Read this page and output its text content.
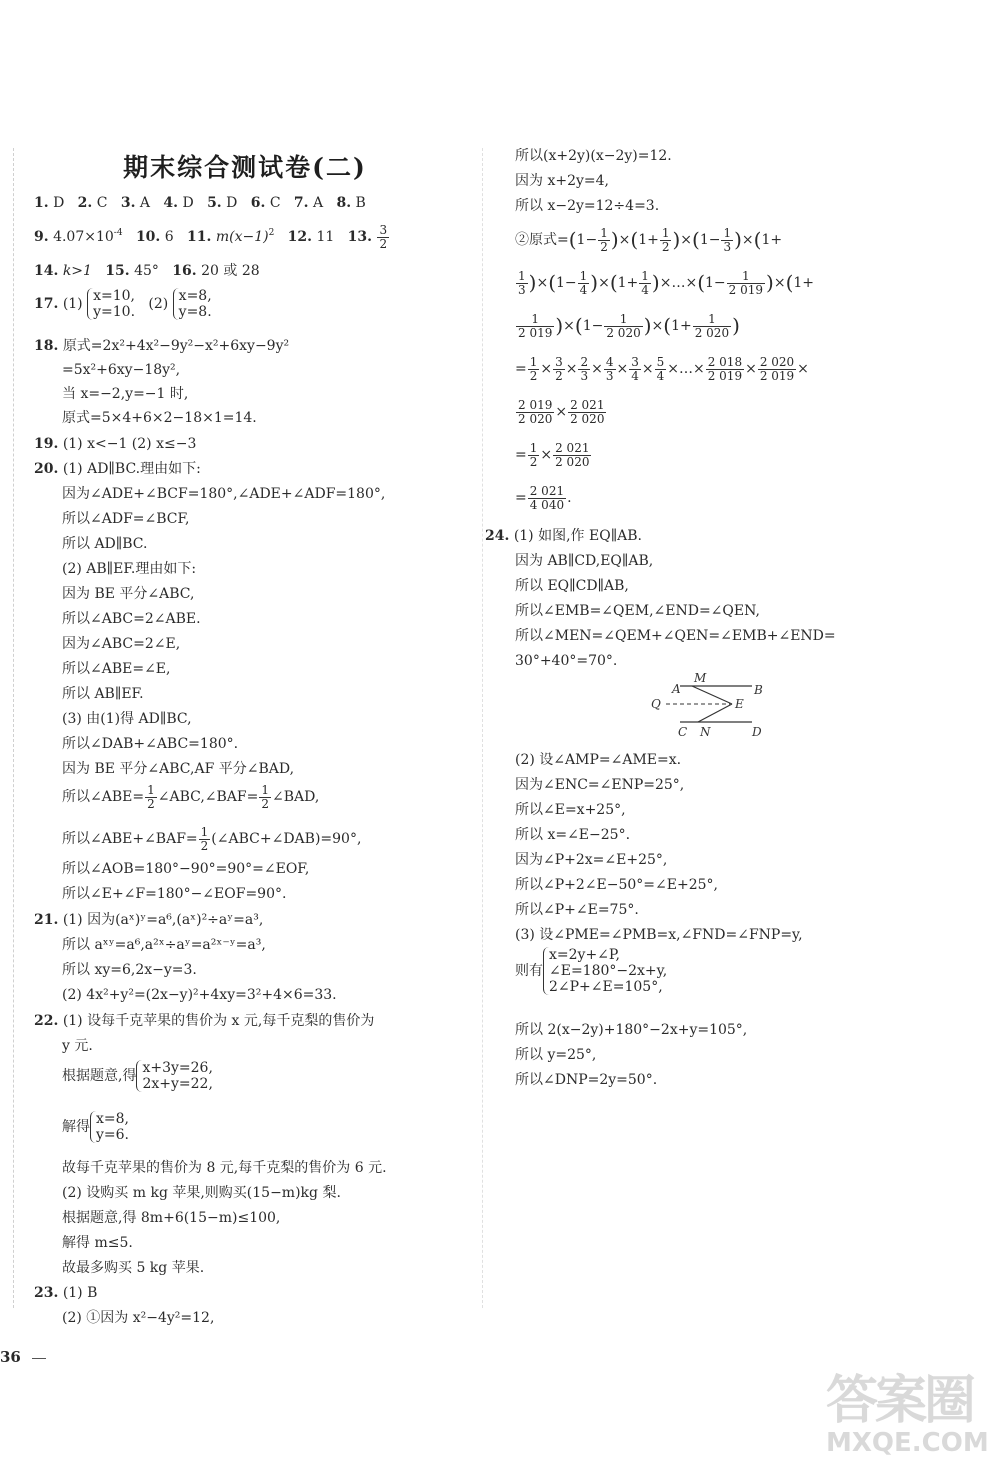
期末综合测试卷(二)
1. D 2. C 3. A 4. D 5. D 6. C 7. A 8. B
9. $4.07\times 10^{-4}$ 10. 6 11. $m(x-1)^2$ 12. 11 13. $\frac{3}{2}$
14. k>1 15. 45° 16. 20 或 28
17. (1)
x=10,
y=10. (2)
x=8,
y=8.
18. 原式=2x²+4x²−9y²−x²+6xy−9y²
=5x²+6xy−18y²,
当 x=−2,y=−1 时,
原式=5×4+6×2−18×1=14.
19. (1) x<−1 (2) x≤−3
20. (1) AD∥BC.理由如下:
因为∠ADE+∠BCF=180°,∠ADE+∠ADF=180°,
所以∠ADF=∠BCF,
所以 AD∥BC.
(2) AB∥EF.理由如下:
因为 BE 平分∠ABC,
所以∠ABC=2∠ABE.
因为∠ABC=2∠E,
所以∠ABE=∠E,
所以 AB∥EF.
(3) 由(1)得 AD∥BC,
所以∠DAB+∠ABC=180°.
因为 BE 平分∠ABC,AF 平分∠BAD,
所以∠ABE= $\frac{1}{2}$ ∠ABC,∠BAF= $\frac{1}{2}$ ∠BAD,
所以∠ABE+∠BAF= $\frac{1}{2}$ (∠ABC+∠DAB)=90°,
所以∠AOB=180°−90°=90°=∠EOF,
所以∠E+∠F=180°−∠EOF=90°.
21. (1) 因为(aˣ)ʸ=a⁶,(aˣ)²÷aʸ=a³,
所以 aˣʸ=a⁶,a²ˣ÷aʸ=a²ˣ⁻ʸ=a³,
所以 xy=6,2x−y=3.
(2) 4x²+y²=(2x−y)²+4xy=3²+4×6=33.
22. (1) 设每千克苹果的售价为 x 元,每千克梨的售价为
y 元.
根据题意,得
x+3y=26,
2x+y=22,
解得
x=8,
y=6.
故每千克苹果的售价为 8 元,每千克梨的售价为 6 元.
(2) 设购买 m kg 苹果,则购买(15−m)kg 梨.
根据题意,得 8m+6(15−m)≤100,
解得 m≤5.
故最多购买 5 kg 苹果.
23. (1) B
(2) ①因为 x²−4y²=12,
所以(x+2y)(x−2y)=12.
因为 x+2y=4,
所以 x−2y=12÷4=3.
②原式$=(1- \frac{1}{2} )\times(1+ \frac{1}{2} )\times(1- \frac{1}{3} )\times(1+$
$\frac{1}{3} )\times(1- \frac{1}{4} )\times(1+ \frac{1}{4}$ )×…×(1− $\frac{1}{2 019} )\times(1+$
$\frac{1}{2 019} )\times(1- \frac{1}{2 020} )\times(1+ \frac{1}{2 020}$ )
= $\frac{1}{2} \times \frac{3}{2} \times \frac{2}{3} \times \frac{4}{3} \times \frac{3}{4} \times \frac{5}{4}$ ×…× $\frac{2 018}{2 019} \times \frac{2 020}{2 019}$ ×
$\frac{2 019}{2 020} \times \frac{2 021}{2 020}$
= $\frac{1}{2} \times \frac{2 021}{2 020}$
= $\frac{2 021}{4 040}$ .
24. (1) 如图,作 EQ∥AB.
因为 AB∥CD,EQ∥AB,
所以 EQ∥CD∥AB,
所以∠EMB=∠QEM,∠END=∠QEN,
所以∠MEN=∠QEM+∠QEN=∠EMB+∠END=
30°+40°=70°.
M
A	B
Q	E
C N	D
(2) 设∠AMP=∠AME=x.
因为∠ENC=∠ENP=25°,
所以∠E=x+25°,
所以 x=∠E−25°.
因为∠P+2x=∠E+25°,
所以∠P+2∠E−50°=∠E+25°,
所以∠P+∠E=75°.
(3) 设∠PME=∠PMB=x,∠FND=∠FNP=y,
则有
x=2y+∠P,
∠E=180°−2x+y,
2∠P+∠E=105°,
所以 2(x−2y)+180°−2x+y=105°,
所以 y=25°,
所以∠DNP=2y=50°.
36
答案圈
MXQE.COM
